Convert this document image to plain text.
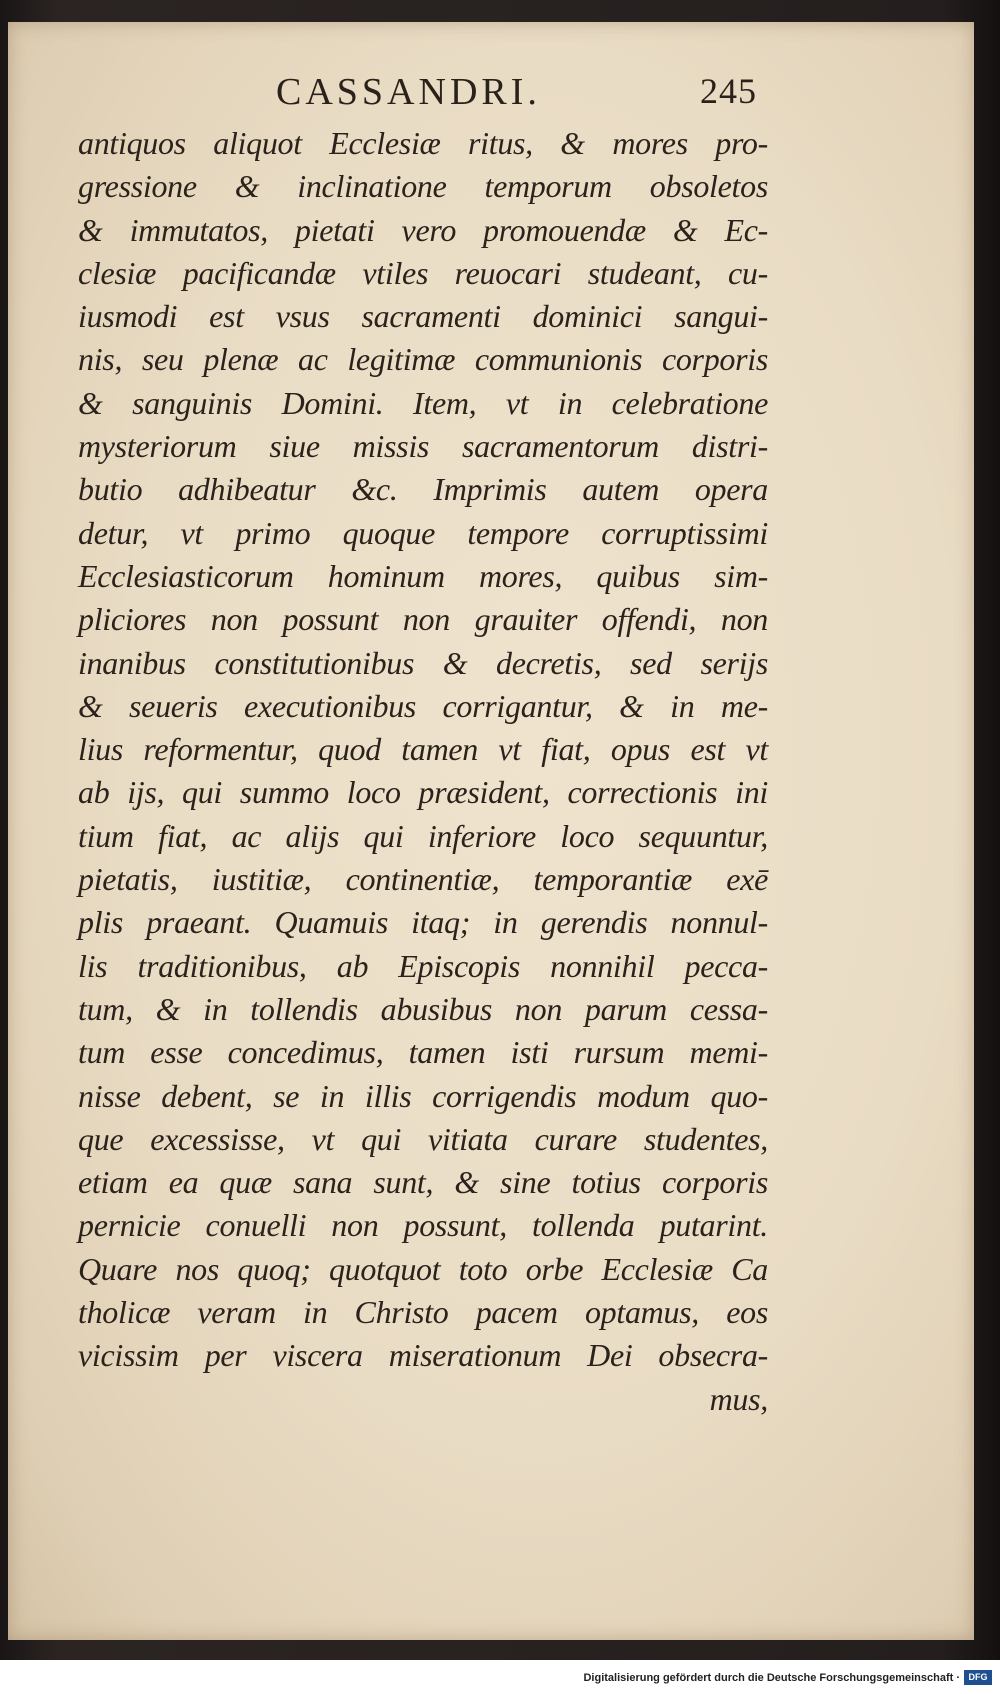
CASSANDRI.	245
antiquos aliquot Ecclesiæ ritus, & mores pro-
gressione & inclinatione temporum obsoletos
& immutatos, pietati vero promouendæ & Ec-
clesiæ pacificandæ vtiles reuocari studeant, cu-
iusmodi est vsus sacramenti dominici sangui-
nis, seu plenæ ac legitimæ communionis corporis
& sanguinis Domini. Item, vt in celebratione
mysteriorum siue missis sacramentorum distri-
butio adhibeatur &c. Imprimis autem opera
detur, vt primo quoque tempore corruptissimi
Ecclesiasticorum hominum mores, quibus sim-
pliciores non possunt non grauiter offendi, non
inanibus constitutionibus & decretis, sed serijs
& seueris executionibus corrigantur, & in me-
lius reformentur, quod tamen vt fiat, opus est vt
ab ijs, qui summo loco præsident, correctionis ini
tium fiat, ac alijs qui inferiore loco sequuntur,
pietatis, iustitiæ, continentiæ, temporantiæ exē
plis praeant. Quamuis itaq; in gerendis nonnul-
lis traditionibus, ab Episcopis nonnihil pecca-
tum, & in tollendis abusibus non parum cessa-
tum esse concedimus, tamen isti rursum memi-
nisse debent, se in illis corrigendis modum quo-
que excessisse, vt qui vitiata curare studentes,
etiam ea quæ sana sunt, & sine totius corporis
pernicie conuelli non possunt, tollenda putarint.
Quare nos quoq; quotquot toto orbe Ecclesiæ Ca
tholicæ veram in Christo pacem optamus, eos
vicissim per viscera miserationum Dei obsecra-
mus,
Digitalisierung gefördert durch die Deutsche Forschungsgemeinschaft · DFG
